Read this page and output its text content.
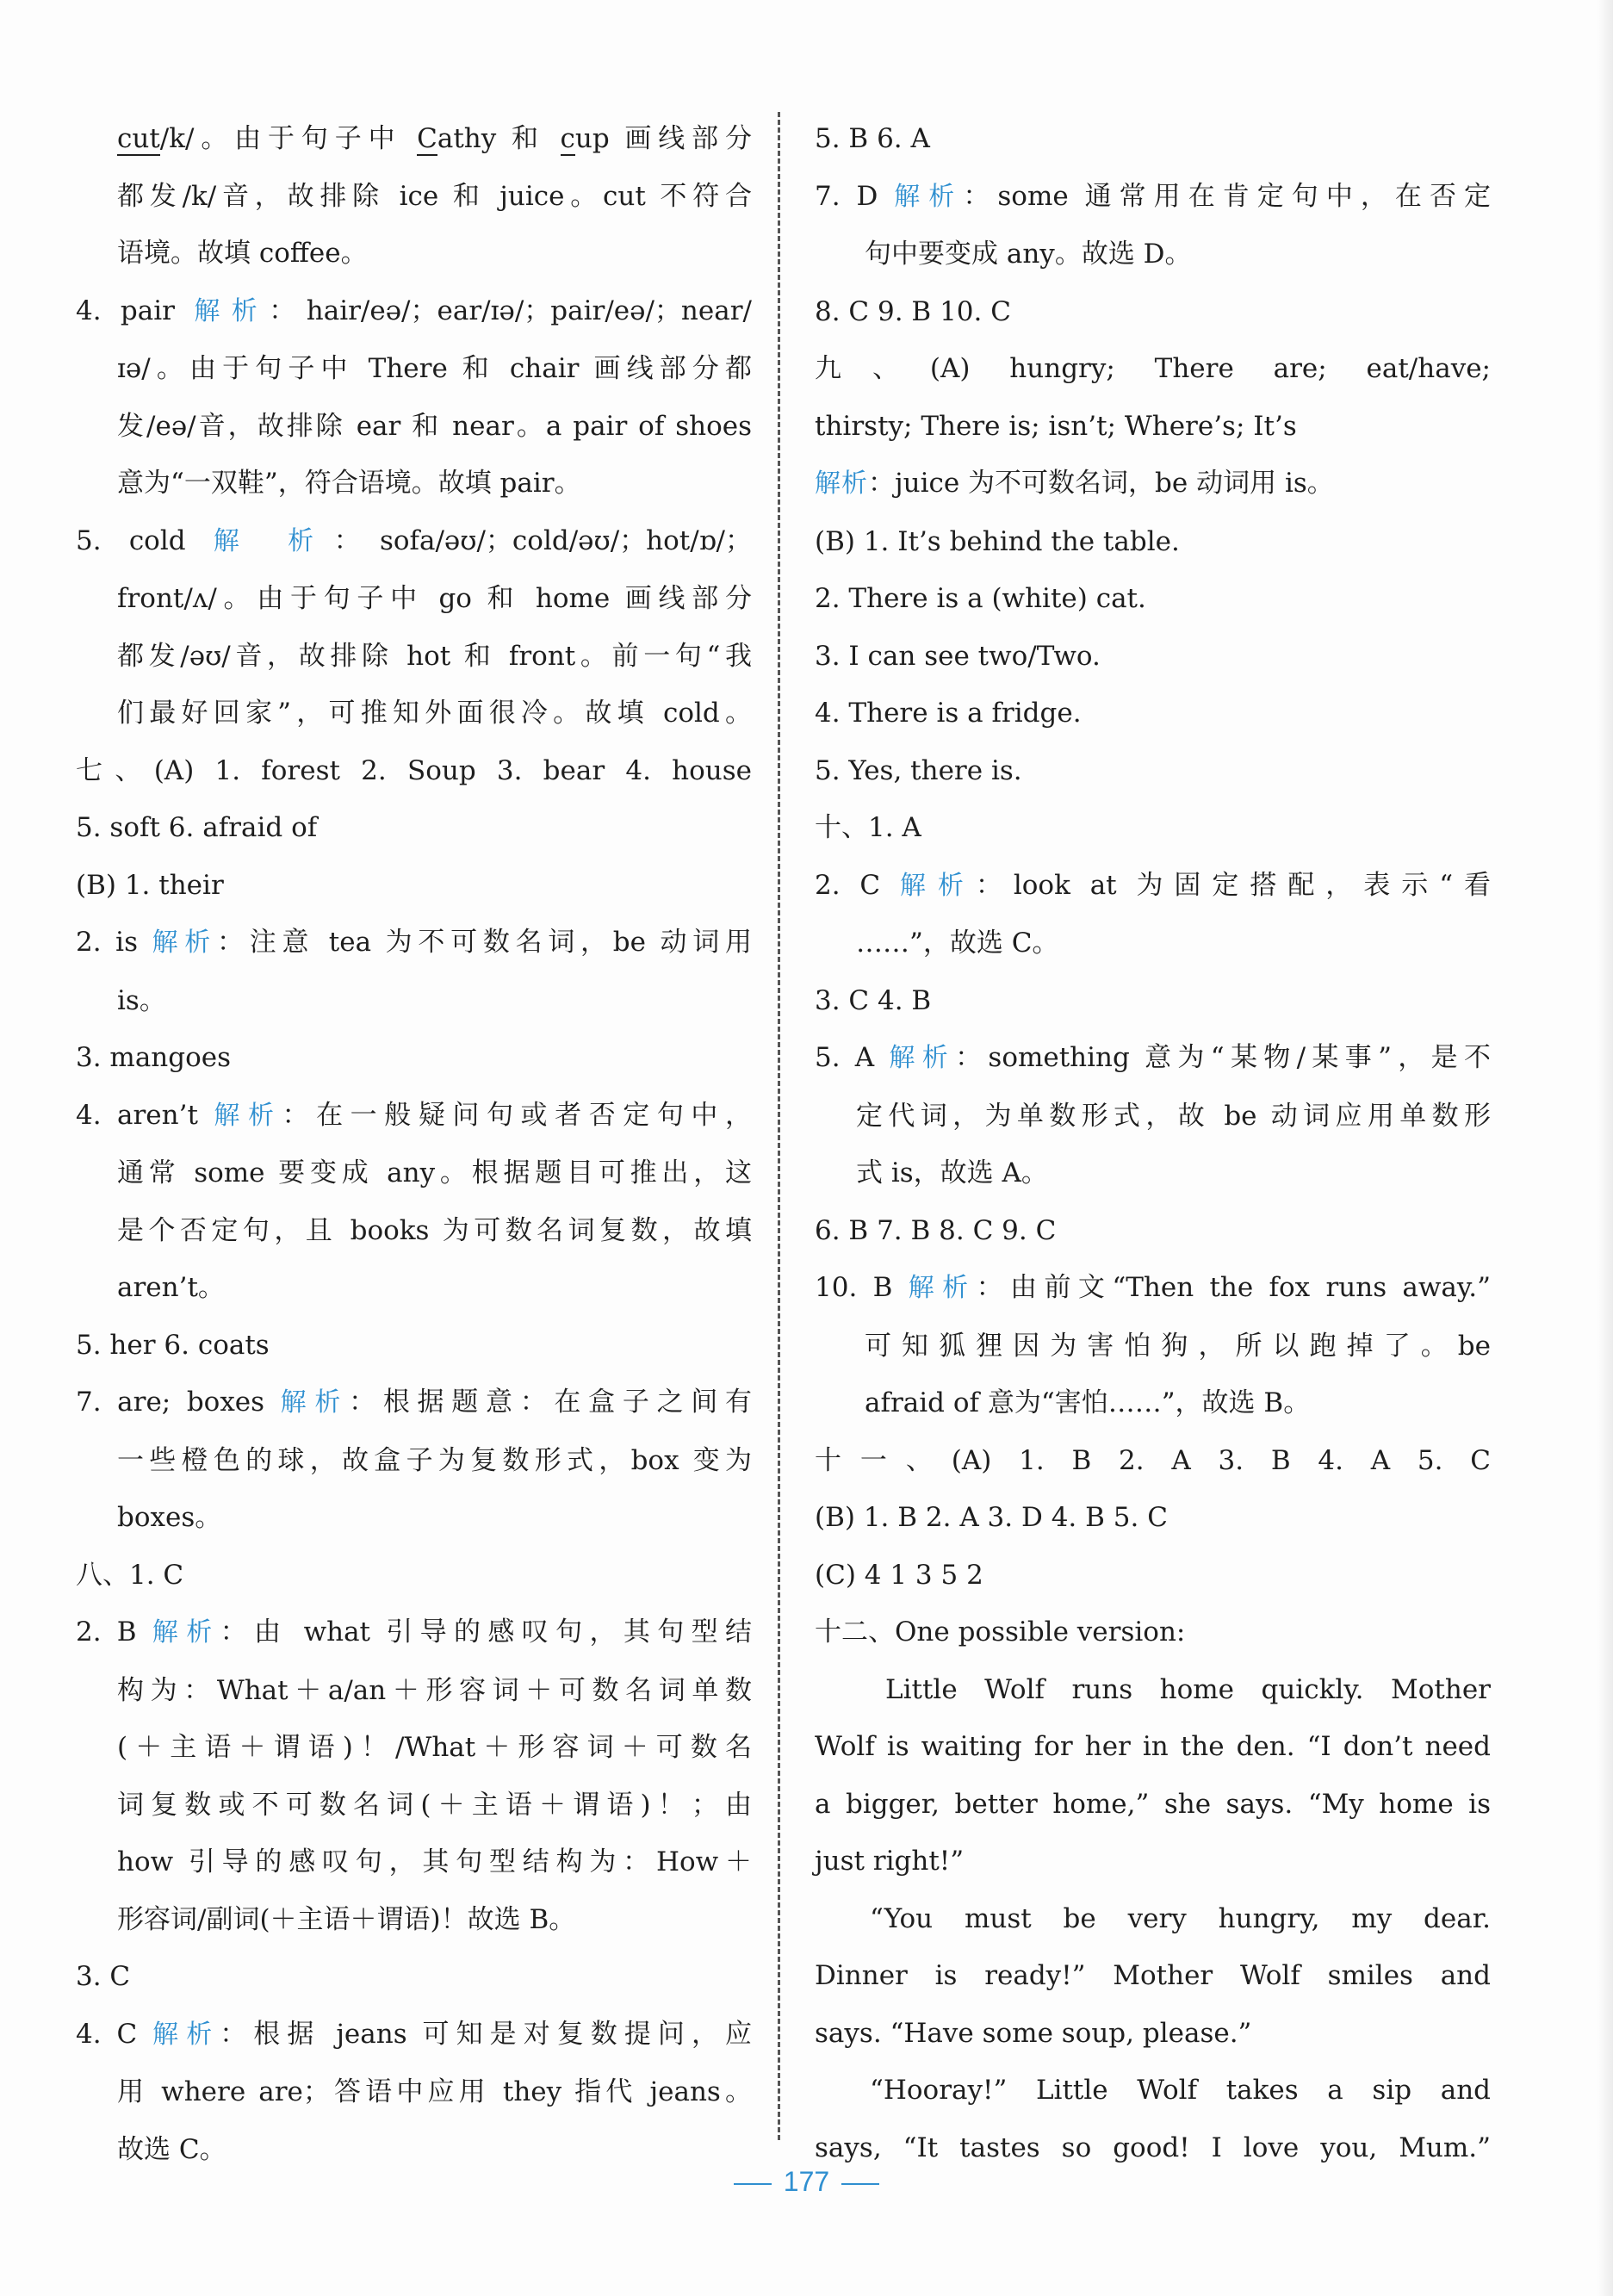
cut/k/。由于句子中 Cathy 和 cup 画线部分

都发/k/音，故排除 ice 和 juice。cut 不符合

语境。故填 coffee。

4. pair 解析：hair/eə/；ear/ɪə/；pair/eə/；near/

ɪə/。由于句子中 There 和 chair 画线部分都

发/eə/音，故排除 ear 和 near。a pair of shoes

意为“一双鞋”，符合语境。故填 pair。

5. cold 解 析：sofa/əʊ/；cold/əʊ/；hot/ɒ/；

front/ʌ/。由于句子中 go 和 home 画线部分

都发/əʊ/音，故排除 hot 和 front。前一句“我

们最好回家”，可推知外面很冷。故填 cold。

七、(A) 1. forest 2. Soup 3. bear 4. house

5. soft 6. afraid of

(B) 1. their

2. is 解析：注意 tea 为不可数名词，be 动词用

is。

3. mangoes

4. aren’t 解析：在一般疑问句或者否定句中，

通常 some 要变成 any。根据题目可推出，这

是个否定句，且 books 为可数名词复数，故填

aren’t。

5. her 6. coats

7. are; boxes 解析：根据题意：在盒子之间有

一些橙色的球，故盒子为复数形式，box 变为

boxes。

八、1. C

2. B 解析：由 what 引导的感叹句，其句型结

构为：What＋a/an＋形容词＋可数名词单数

(＋主语＋谓语)！/What＋形容词＋可数名

词复数或不可数名词(＋主语＋谓语)！；由

how 引导的感叹句，其句型结构为：How＋

形容词/副词(＋主语＋谓语)！故选 B。

3. C

4. C 解析：根据 jeans 可知是对复数提问，应

用 where are；答语中应用 they 指代 jeans。

故选 C。

5. B 6. A

7. D 解析：some 通常用在肯定句中，在否定

句中要变成 any。故选 D。

8. C 9. B 10. C

九、(A) hungry; There are; eat/have;

thirsty; There is; isn’t; Where’s; It’s

解析：juice 为不可数名词，be 动词用 is。

(B) 1. It’s behind the table.

2. There is a (white) cat.

3. I can see two/Two.

4. There is a fridge.

5. Yes, there is.

十、1. A

2. C 解析：look at 为固定搭配，表示“看

……”，故选 C。

3. C 4. B

5. A 解析：something 意为“某物/某事”，是不

定代词，为单数形式，故 be 动词应用单数形

式 is，故选 A。

6. B 7. B 8. C 9. C

10. B 解析：由前文“Then the fox runs away.”

可知狐狸因为害怕狗，所以跑掉了。be

afraid of 意为“害怕……”，故选 B。

十一、(A) 1. B 2. A 3. B 4. A 5. C

(B) 1. B 2. A 3. D 4. B 5. C

(C) 4 1 3 5 2

十二、One possible version:

Little Wolf runs home quickly. Mother

Wolf is waiting for her in the den. “I don’t need

a bigger, better home,” she says. “My home is

just right!”

“You must be very hungry, my dear.

Dinner is ready!” Mother Wolf smiles and

says. “Have some soup, please.”

“Hooray!” Little Wolf takes a sip and

says, “It tastes so good! I love you, Mum.”

177
